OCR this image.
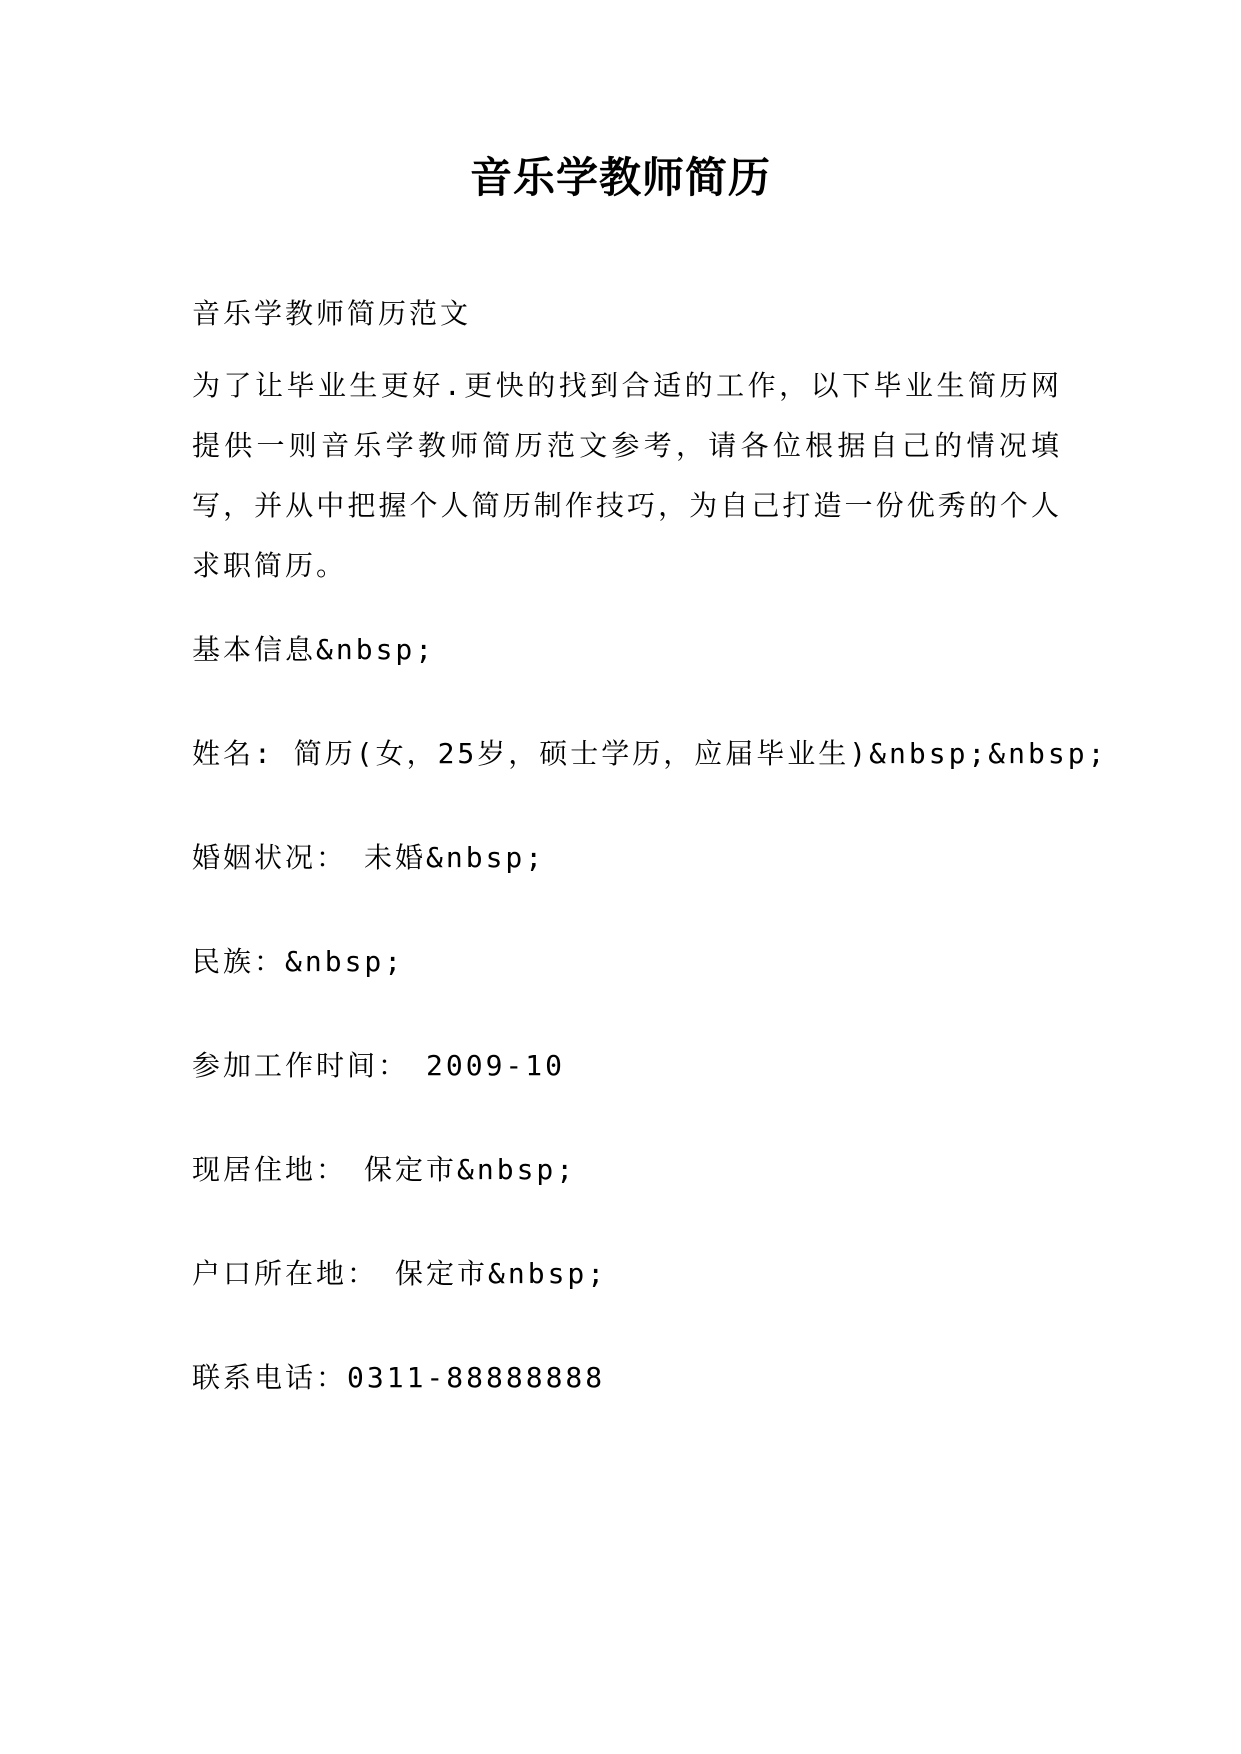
音乐学教师简历
音乐学教师简历范文
为了让毕业生更好.更快的找到合适的工作，以下毕业生简历网提供一则音乐学教师简历范文参考，请各位根据自己的情况填写，并从中把握个人简历制作技巧，为自己打造一份优秀的个人求职简历。
基本信息&nbsp;
姓名: 简历(女，25岁，硕士学历，应届毕业生)&nbsp;&nbsp;
婚姻状况：　未婚&nbsp;
民族：&nbsp;
参加工作时间：　2009-10
现居住地：　保定市&nbsp;
户口所在地：　保定市&nbsp;
联系电话：0311-88888888
